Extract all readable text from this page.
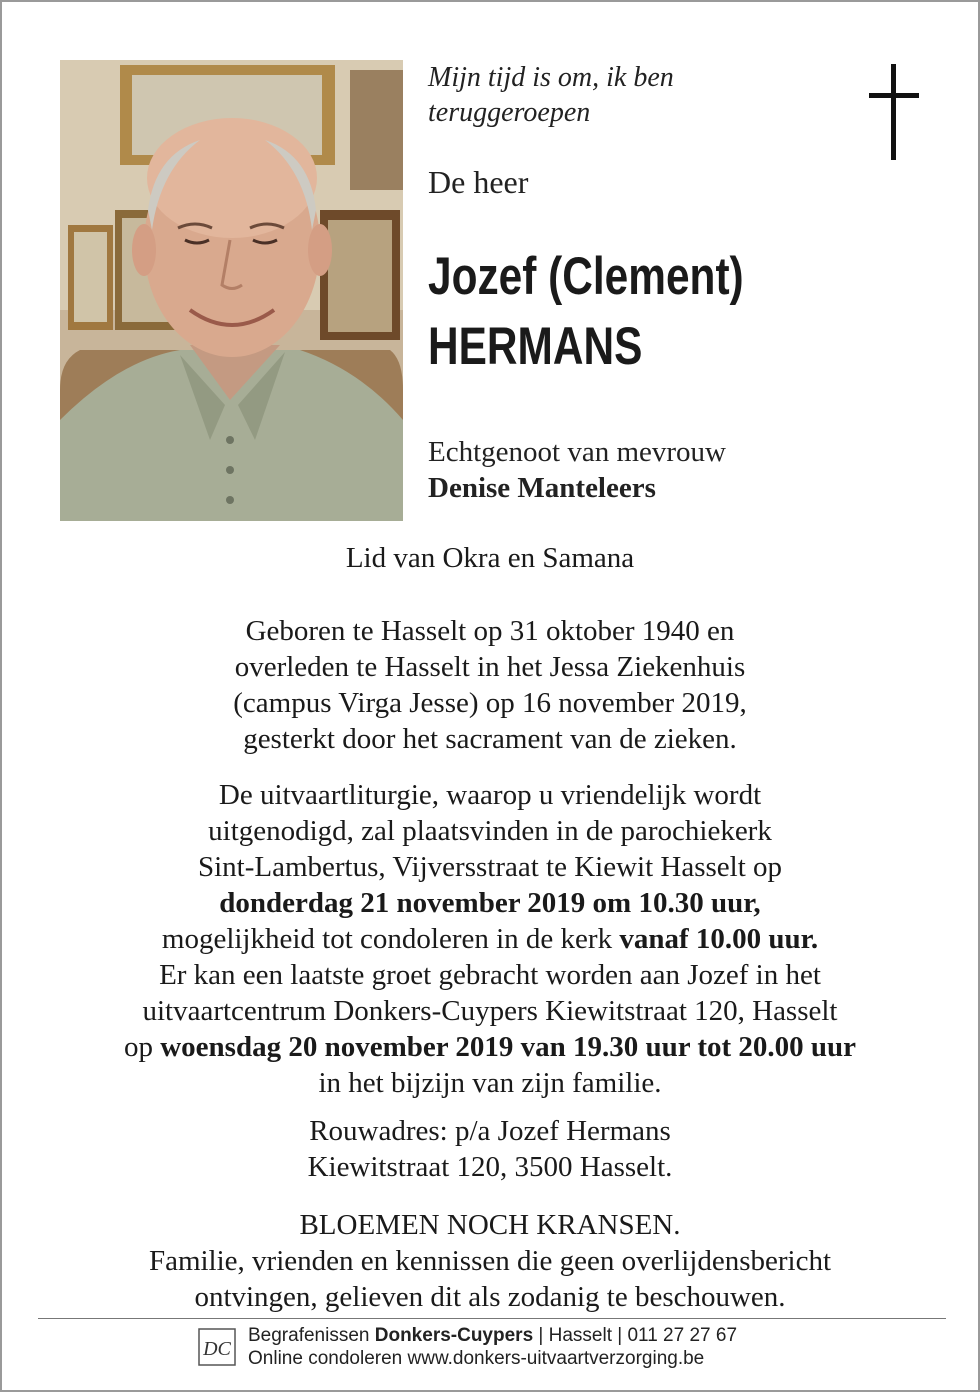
Mijn tijd is om, ik ben
teruggeroepen
De heer
Jozef (Clement)
HERMANS
Echtgenoot van mevrouw
Denise Manteleers
Lid van Okra en Samana
Geboren te Hasselt op 31 oktober 1940 en
overleden te Hasselt in het Jessa Ziekenhuis
(campus Virga Jesse) op 16 november 2019,
gesterkt door het sacrament van de zieken.
De uitvaartliturgie, waarop u vriendelijk wordt
uitgenodigd, zal plaatsvinden in de parochiekerk
Sint-Lambertus, Vijversstraat te Kiewit Hasselt op
donderdag 21 november 2019 om 10.30 uur,
mogelijkheid tot condoleren in de kerk vanaf 10.00 uur.
Er kan een laatste groet gebracht worden aan Jozef in het
uitvaartcentrum Donkers-Cuypers Kiewitstraat 120, Hasselt
op woensdag 20 november 2019 van 19.30 uur tot 20.00 uur
in het bijzijn van zijn familie.
Rouwadres: p/a Jozef Hermans
Kiewitstraat 120, 3500 Hasselt.
BLOEMEN NOCH KRANSEN.
Familie, vrienden en kennissen die geen overlijdensbericht
ontvingen, gelieven dit als zodanig te beschouwen.
DC
Begrafenissen Donkers-Cuypers | Hasselt | 011 27 27 67
Online condoleren www.donkers-uitvaartverzorging.be
